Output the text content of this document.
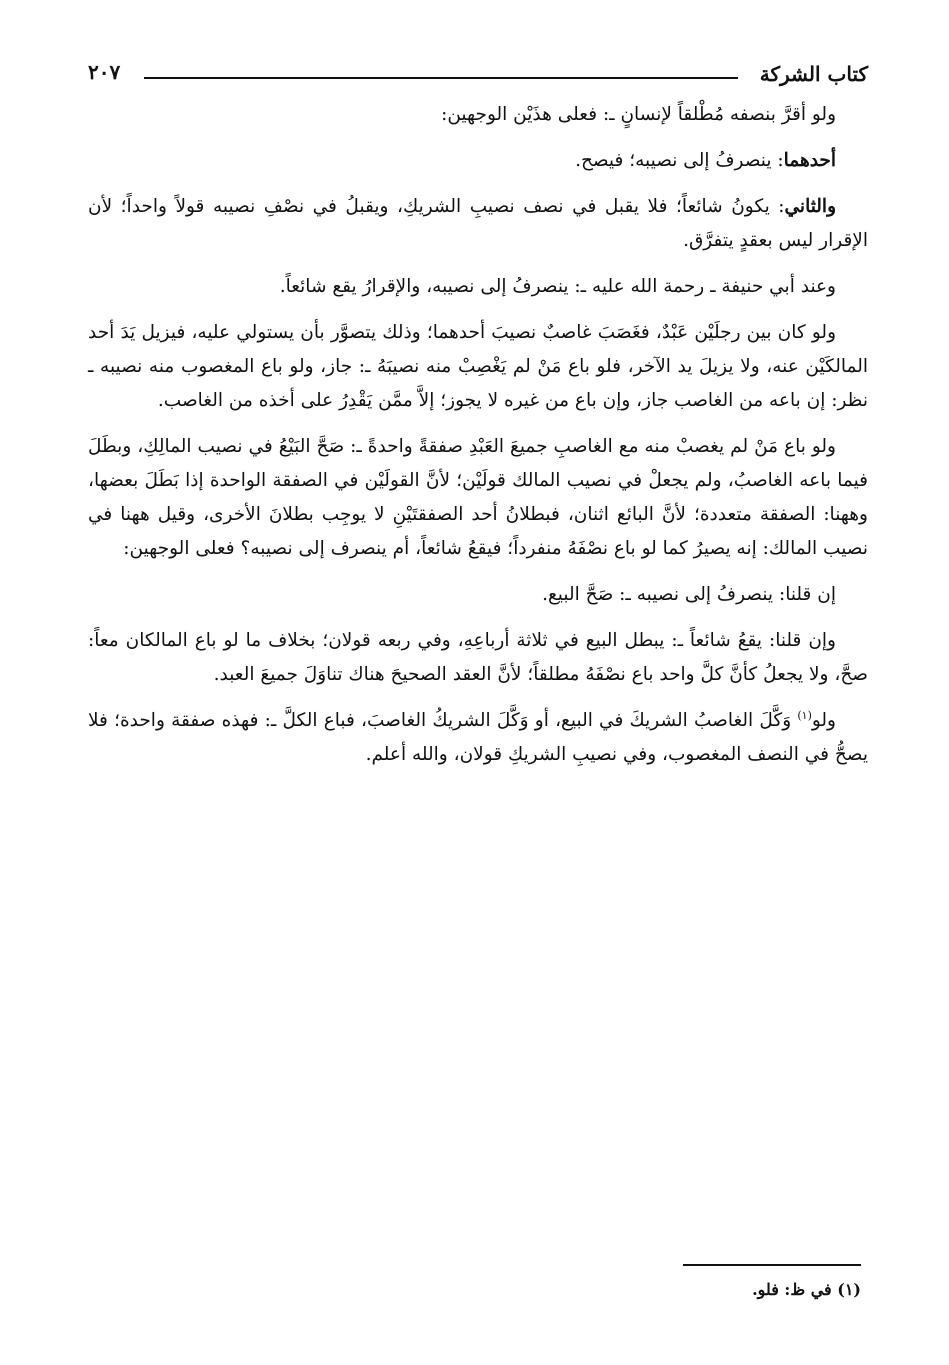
كتاب الشركة
٢٠٧

ولو أقرَّ بنصفه مُطْلقاً لإنسانٍ ـ: فعلى هذَيْن الوجهين:

أحدهما: ينصرفُ إلى نصيبه؛ فيصح.

والثاني: يكونُ شائعاً؛ فلا يقبل في نصف نصيبِ الشريكِ، ويقبلُ في نصْفِ نصيبه قولاً واحداً؛ لأن الإقرار ليس بعقدٍ يتفرَّق.

وعند أبي حنيفة ـ رحمة الله عليه ـ: ينصرفُ إلى نصيبه، والإقرارُ يقع شائعاً.

ولو كان بين رجلَيْن عَبْدٌ، فغَصَبَ غاصبٌ نصيبَ أحدهما؛ وذلك يتصوَّر بأن يستولي عليه، فيزيل يَدَ أحد المالكَيْن عنه، ولا يزيلَ يد الآخر، فلو باع مَنْ لم يَغْصِبْ منه نصيبَهُ ـ: جاز، ولو باع المغصوب منه نصيبه ـ نظر: إن باعه من الغاصب جاز، وإن باع من غيره لا يجوز؛ إلاَّ ممَّن يَقْدِرُ على أخذه من الغاصب.

ولو باع مَنْ لم يغصبْ منه مع الغاصبِ جميعَ العَبْدِ صفقةً واحدةً ـ: صَحَّ البَيْعُ في نصيب المالِكِ، وبطَلَ فيما باعه الغاصبُ، ولم يجعلْ في نصيب المالك قولَيْن؛ لأنَّ القولَيْن في الصفقة الواحدة إذا بَطَلَ بعضها، وههنا: الصفقة متعددة؛ لأنَّ البائع اثنان، فبطلانُ أحد الصفقتَيْنِ لا يوجِب بطلانَ الأخرى، وقيل ههنا في نصيب المالك: إنه يصيرُ كما لو باع نصْفَهُ منفرداً؛ فيقعُ شائعاً، أم ينصرف إلى نصيبه؟ فعلى الوجهين:

إن قلنا: ينصرفُ إلى نصيبه ـ: صَحَّ البيع.

وإن قلنا: يقعُ شائعاً ـ: يبطل البيع في ثلاثة أرباعِهِ، وفي ربعه قولان؛ بخلاف ما لو باع المالكان معاً: صحَّ، ولا يجعلُ كأنَّ كلَّ واحد باع نصْفَهُ مطلقاً؛ لأنَّ العقد الصحيحَ هناك تناوَلَ جميعَ العبد.

ولو$^{(١)}$ وَكَّلَ الغاصبُ الشريكَ في البيع، أو وَكَّلَ الشريكُ الغاصبَ، فباع الكلَّ ـ: فهذه صفقة واحدة؛ فلا يصحُّ في النصف المغصوب، وفي نصيبِ الشريكِ قولان، والله أعلم.

(١) في ظ: فلو.
